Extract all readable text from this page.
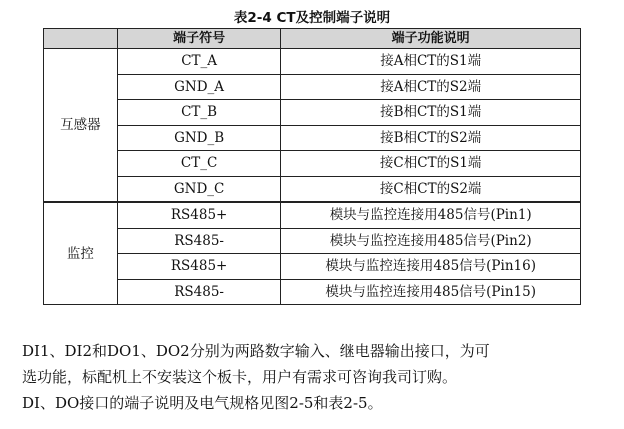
表2-4 CT及控制端子说明
	端子符号	端子功能说明
互感器	CT_A	接A相CT的S1端
	GND_A	接A相CT的S2端
	CT_B	接B相CT的S1端
	GND_B	接B相CT的S2端
	CT_C	接C相CT的S1端
	GND_C	接C相CT的S2端
监控	RS485+	模块与监控连接用485信号(Pin1)
	RS485-	模块与监控连接用485信号(Pin2)
	RS485+	模块与监控连接用485信号(Pin16)
	RS485-	模块与监控连接用485信号(Pin15)

DI1、DI2和DO1、DO2分别为两路数字输入、继电器输出接口，为可

选功能，标配机上不安装这个板卡，用户有需求可咨询我司订购。

DI、DO接口的端子说明及电气规格见图2-5和表2-5。
